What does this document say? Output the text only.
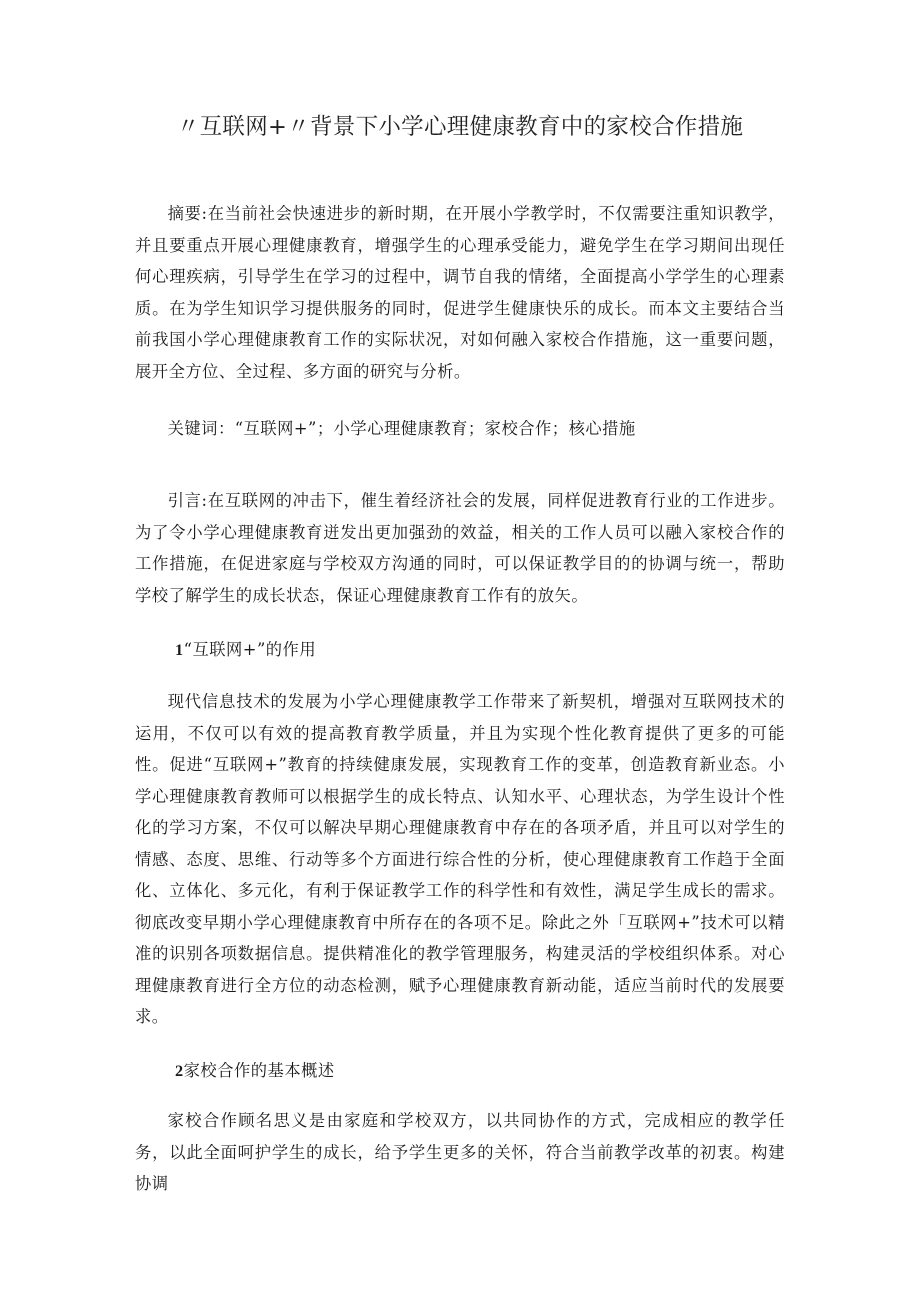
〃互联网+〃背景下小学心理健康教育中的家校合作措施

摘要:在当前社会快速进步的新时期，在开展小学教学时，不仅需要注重知识教学，并且要重点开展心理健康教育，增强学生的心理承受能力，避免学生在学习期间出现任何心理疾病，引导学生在学习的过程中，调节自我的情绪，全面提高小学学生的心理素质。在为学生知识学习提供服务的同时，促进学生健康快乐的成长。而本文主要结合当前我国小学心理健康教育工作的实际状况，对如何融入家校合作措施，这一重要问题，展开全方位、全过程、多方面的研究与分析。

关键词：“互联网+”；小学心理健康教育；家校合作；核心措施

引言:在互联网的冲击下，催生着经济社会的发展，同样促进教育行业的工作进步。为了令小学心理健康教育迸发出更加强劲的效益，相关的工作人员可以融入家校合作的工作措施，在促进家庭与学校双方沟通的同时，可以保证教学目的的协调与统一，帮助学校了解学生的成长状态，保证心理健康教育工作有的放矢。

1“互联网+”的作用

现代信息技术的发展为小学心理健康教学工作带来了新契机，增强对互联网技术的运用，不仅可以有效的提高教育教学质量，并且为实现个性化教育提供了更多的可能性。促进“互联网+”教育的持续健康发展，实现教育工作的变革，创造教育新业态。小学心理健康教育教师可以根据学生的成长特点、认知水平、心理状态，为学生设计个性化的学习方案，不仅可以解决早期心理健康教育中存在的各项矛盾，并且可以对学生的情感、态度、思维、行动等多个方面进行综合性的分析，使心理健康教育工作趋于全面化、立体化、多元化，有利于保证教学工作的科学性和有效性，满足学生成长的需求。彻底改变早期小学心理健康教育中所存在的各项不足。除此之外「互联网+”技术可以精准的识别各项数据信息。提供精准化的教学管理服务，构建灵活的学校组织体系。对心理健康教育进行全方位的动态检测，赋予心理健康教育新动能，适应当前时代的发展要求。

2家校合作的基本概述

家校合作顾名思义是由家庭和学校双方，以共同协作的方式，完成相应的教学任务，以此全面呵护学生的成长，给予学生更多的关怀，符合当前教学改革的初衷。构建协调
